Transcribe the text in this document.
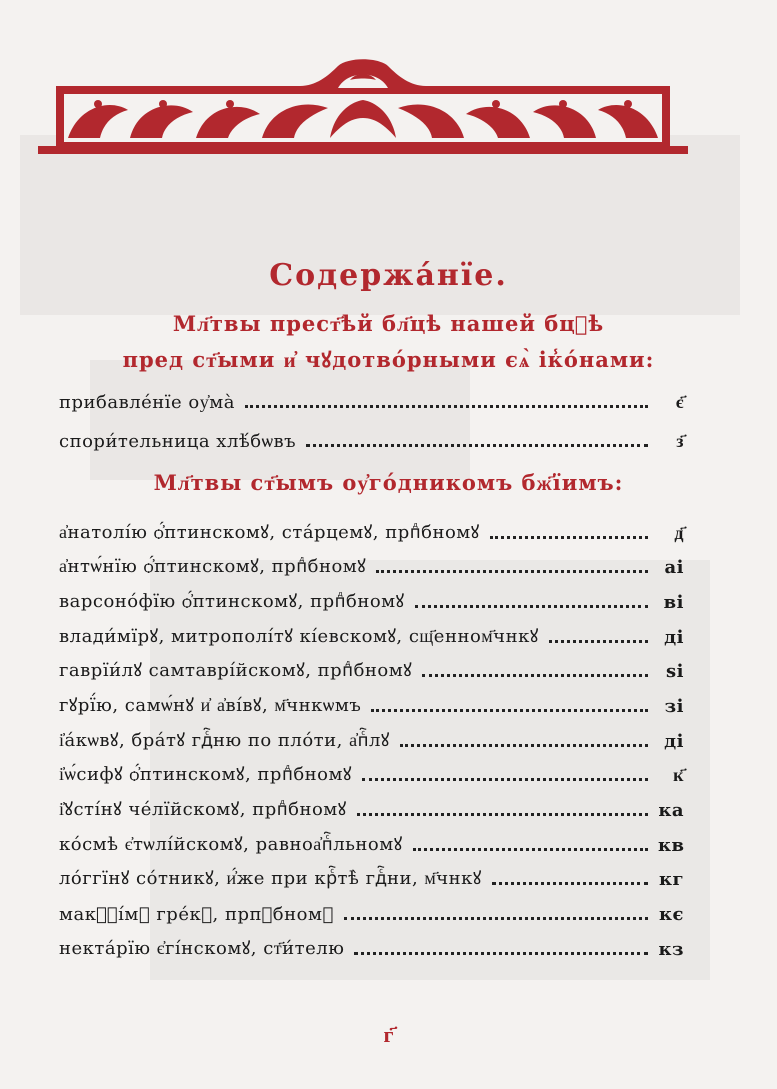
Содержа́нїе.
Мл҃твы прест҃ѣй бл҃цѣ нашей бцⷣѣ
пред ст҃ыми и҆ чꙋдотво́рными єѧ̀ ік̾о́нами:
прибавле́нїе оу҆ма̀	є҃
спори́тельница хлѣ́бѡвъ	з҃
Мл҃твы ст҃ымъ оу҆го́дникомъ бж҃їимъ:
а҆натолі́ю ѻ҆́птинскомꙋ, ста́рцемꙋ, прпⷣбномꙋ	д҃
а҆нтѡ́нїю ѻ҆́птинскомꙋ, прпⷣбномꙋ	аі
варсоно́фїю ѻ҆́птинскомꙋ, прпⷣбномꙋ	ві
влади́мїрꙋ, митрополі́тꙋ кі́евскомꙋ, сщ҃енном҃чнкꙋ	ді
гаврїи́лꙋ самтаврі́йскомꙋ, прпⷣбномꙋ	ѕі
гꙋрї́ю, самѡ́нꙋ и҆ а҆ві́вꙋ, м҃чнкѡмъ	зі
і҆а́кѡвꙋ, бра́тꙋ гдⷭ҇ню по пло́ти, а҆пⷭ҇лꙋ	ді
і҆ѡ́сифꙋ ѻ҆́птинскомꙋ, прпⷣбномꙋ	к҃
і҆ꙋсті́нꙋ че́лїйскомꙋ, прпⷣбномꙋ	ка
ко́смѣ є҆тѡлі́йскомꙋ, равноа҆пⷭ҇льномꙋ	кв
ло́ггїнꙋ со́тникꙋ, и҆́же при крⷭ҇тѣ̀ гдⷭ҇ни, м҃чнкꙋ	кг
макⷭ҇і́мꙋ гре́кꙋ, прпⷣбномꙋ	кє
некта́рїю є҆гі́нскомꙋ, ст҃и́телю	кз
г҃
